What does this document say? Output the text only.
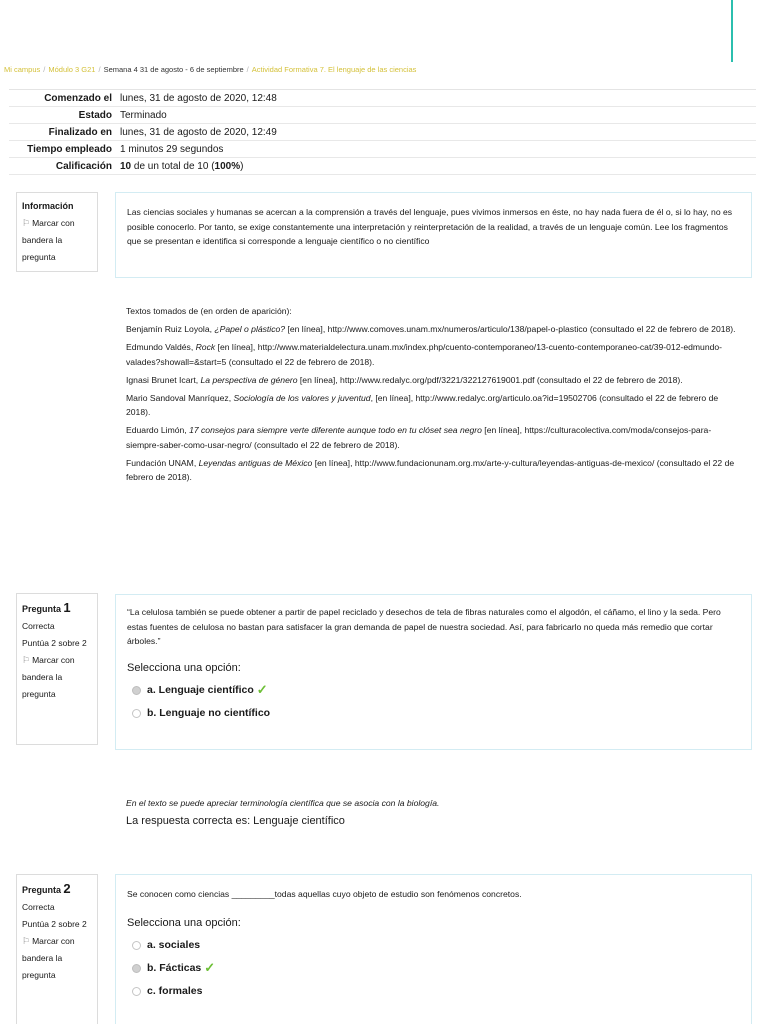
Mi campus / Módulo 3 G21 / Semana 4 31 de agosto - 6 de septiembre / Actividad Formativa 7. El lenguaje de las ciencias
Comenzado el lunes, 31 de agosto de 2020, 12:48
Estado Terminado
Finalizado en lunes, 31 de agosto de 2020, 12:49
Tiempo empleado 1 minutos 29 segundos
Calificación 10 de un total de 10 (100%)
Información
⚐ Marcar con bandera la pregunta
Las ciencias sociales y humanas se acercan a la comprensión a través del lenguaje, pues vivimos inmersos en éste, no hay nada fuera de él o, si lo hay, no es posible conocerlo. Por tanto, se exige constantemente una interpretación y reinterpretación de la realidad, a través de un lenguaje común. Lee los fragmentos que se presentan e identifica si corresponde a lenguaje científico o no científico

Textos tomados de (en orden de aparición):

Benjamín Ruiz Loyola, ¿Papel o plástico? [en línea], http://www.comoves.unam.mx/numeros/articulo/138/papel-o-plastico (consultado el 22 de febrero de 2018).

Edmundo Valdés, Rock [en línea], http://www.materialdelectura.unam.mx/index.php/cuento-contemporaneo/13-cuento-contemporaneo-cat/39-012-edmundo-valades?showall=&start=5 (consultado el 22 de febrero de 2018).

Ignasi Brunet Icart, La perspectiva de género [en línea], http://www.redalyc.org/pdf/3221/322127619001.pdf (consultado el 22 de febrero de 2018).

Mario Sandoval Manríquez, Sociología de los valores y juventud, [en línea], http://www.redalyc.org/articulo.oa?id=19502706 (consultado el 22 de febrero de 2018).

Eduardo Limón, 17 consejos para siempre verte diferente aunque todo en tu clóset sea negro [en línea], https://culturacolectiva.com/moda/consejos-para-siempre-saber-como-usar-negro/ (consultado el 22 de febrero de 2018).

Fundación UNAM, Leyendas antiguas de México [en línea], http://www.fundacionunam.org.mx/arte-y-cultura/leyendas-antiguas-de-mexico/ (consultado el 22 de febrero de 2018).

Pregunta 1
Correcta
Puntúa 2 sobre 2
⚐ Marcar con bandera la pregunta
“La celulosa también se puede obtener a partir de papel reciclado y desechos de tela de fibras naturales como el algodón, el cáñamo, el lino y la seda. Pero estas fuentes de celulosa no bastan para satisfacer la gran demanda de papel de nuestra sociedad. Así, para fabricarlo no queda más remedio que cortar árboles.”
Selecciona una opción:
a. Lenguaje científico ✓
b. Lenguaje no científico
En el texto se puede apreciar terminología científica que se asocia con la biología.
La respuesta correcta es: Lenguaje científico
Pregunta 2
Correcta
Puntúa 2 sobre 2
⚐ Marcar con bandera la pregunta
Se conocen como ciencias _________todas aquellas cuyo objeto de estudio son fenómenos concretos.
Selecciona una opción:
a. sociales
b. Fácticas ✓
c. formales
